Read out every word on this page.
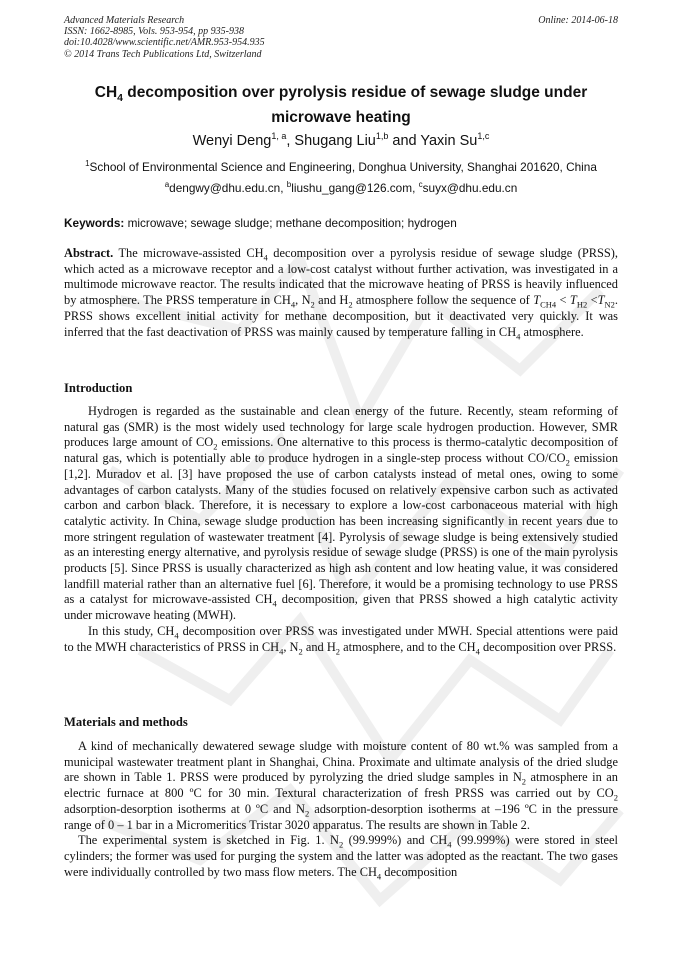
Advanced Materials Research
ISSN: 1662-8985, Vols. 953-954, pp 935-938
doi:10.4028/www.scientific.net/AMR.953-954.935
© 2014 Trans Tech Publications Ltd, Switzerland
Online: 2014-06-18
$CH_4$ decomposition over pyrolysis residue of sewage sludge under microwave heating
Wenyi Deng$^{1, a}$, Shugang Liu$^{1,b}$ and Yaxin Su$^{1,c}$
$^1$School of Environmental Science and Engineering, Donghua University, Shanghai 201620, China
$^a$dengwy@dhu.edu.cn, $^b$liushu_gang@126.com, $^c$suyx@dhu.edu.cn
Keywords: microwave; sewage sludge; methane decomposition; hydrogen

Abstract. The microwave-assisted $CH_4$ decomposition over a pyrolysis residue of sewage sludge (PRSS), which acted as a microwave receptor and a low-cost catalyst without further activation, was investigated in a multimode microwave reactor. The results indicated that the microwave heating of PRSS is heavily influenced by atmosphere. The PRSS temperature in $CH_4$, $N_2$ and $H_2$ atmosphere follow the sequence of $T_{CH4} < T_{H2} <T_{N2}$. PRSS shows excellent initial activity for methane decomposition, but it deactivated very quickly. It was inferred that the fast deactivation of PRSS was mainly caused by temperature falling in $CH_4$ atmosphere.

Introduction

Hydrogen is regarded as the sustainable and clean energy of the future. Recently, steam reforming of natural gas (SMR) is the most widely used technology for large scale hydrogen production. However, SMR produces large amount of $CO_2$ emissions. One alternative to this process is thermo-catalytic decomposition of natural gas, which is potentially able to produce hydrogen in a single-step process without $CO/CO_2$ emission [1,2]. Muradov et al. [3] have proposed the use of carbon catalysts instead of metal ones, owing to some advantages of carbon catalysts. Many of the studies focused on relatively expensive carbon such as activated carbon and carbon black. Therefore, it is necessary to explore a low-cost carbonaceous material with high catalytic activity. In China, sewage sludge production has been increasing significantly in recent years due to more stringent regulation of wastewater treatment [4]. Pyrolysis of sewage sludge is being extensively studied as an interesting energy alternative, and pyrolysis residue of sewage sludge (PRSS) is one of the main pyrolysis products [5]. Since PRSS is usually characterized as high ash content and low heating value, it was considered landfill material rather than an alternative fuel [6]. Therefore, it would be a promising technology to use PRSS as a catalyst for microwave-assisted $CH_4$ decomposition, given that PRSS showed a high catalytic activity under microwave heating (MWH).

In this study, $CH_4$ decomposition over PRSS was investigated under MWH. Special attentions were paid to the MWH characteristics of PRSS in $CH_4$, $N_2$ and $H_2$ atmosphere, and to the $CH_4$ decomposition over PRSS.

Materials and methods

A kind of mechanically dewatered sewage sludge with moisture content of 80 wt.% was sampled from a municipal wastewater treatment plant in Shanghai, China. Proximate and ultimate analysis of the dried sludge are shown in Table 1. PRSS were produced by pyrolyzing the dried sludge samples in $N_2$ atmosphere in an electric furnace at 800 ºC for 30 min. Textural characterization of fresh PRSS was carried out by $CO_2$ adsorption-desorption isotherms at 0 ºC and $N_2$ adsorption-desorption isotherms at –196 ºC in the pressure range of 0 – 1 bar in a Micromeritics Tristar 3020 apparatus. The results are shown in Table 2.

The experimental system is sketched in Fig. 1. $N_2$ (99.999%) and $CH_4$ (99.999%) were stored in steel cylinders; the former was used for purging the system and the latter was adopted as the reactant. The two gases were individually controlled by two mass flow meters. The $CH_4$ decomposition
